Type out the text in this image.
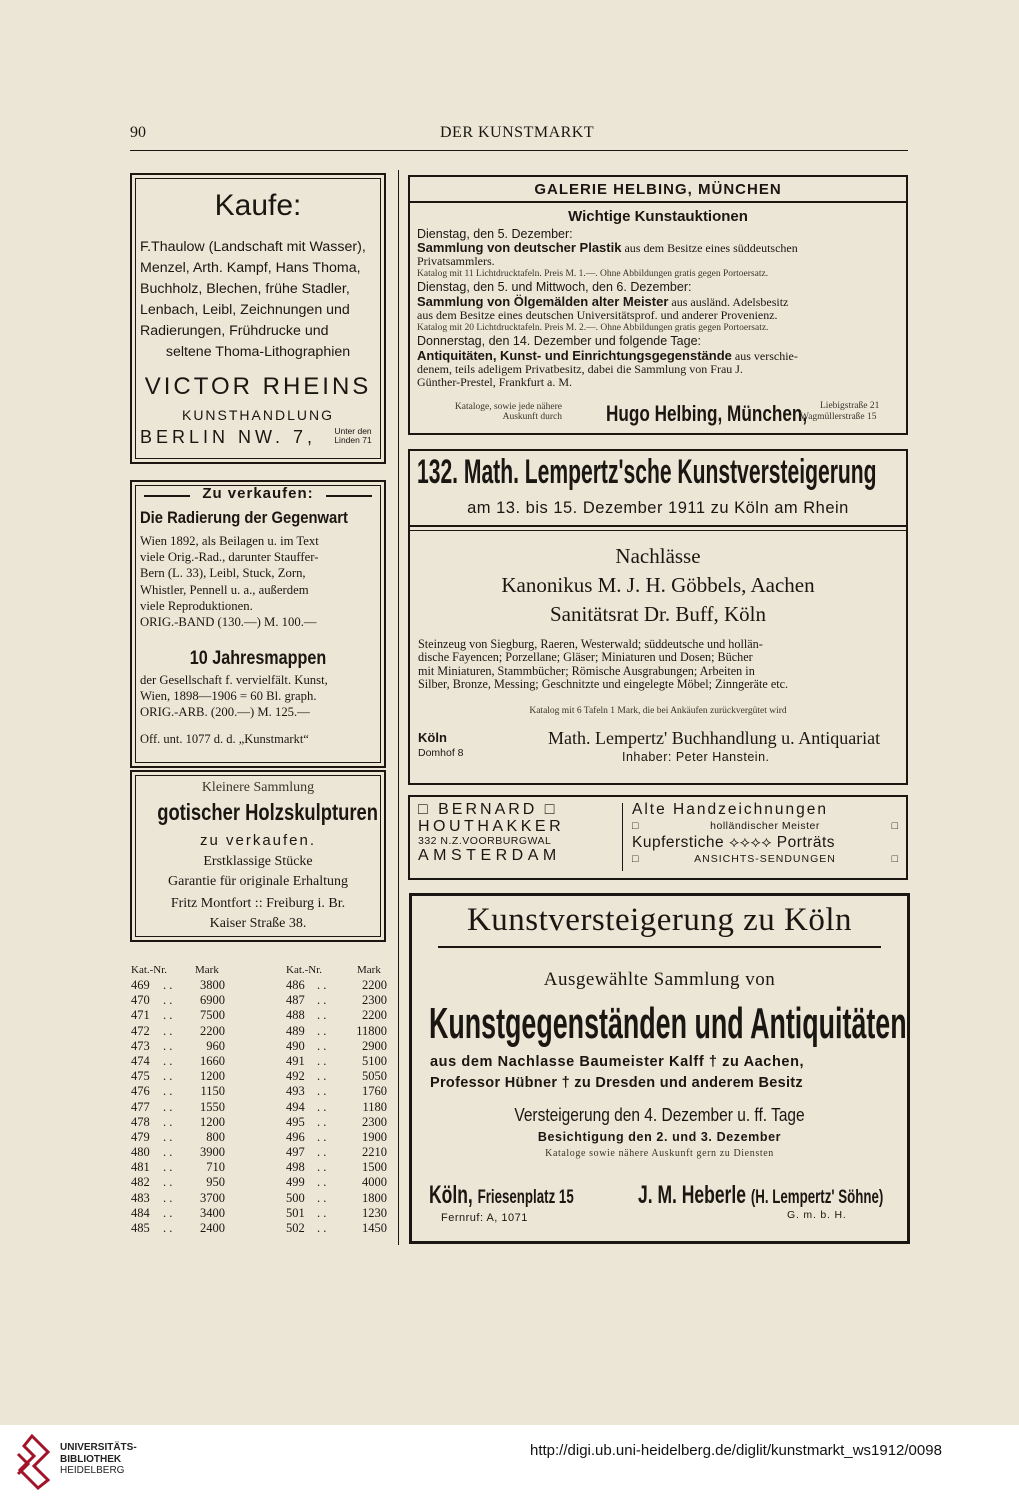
90	DER KUNSTMARKT
Kaufe:
F.Thaulow (Landschaft mit Wasser),
Menzel, Arth. Kampf, Hans Thoma,
Buchholz, Blechen, frühe Stadler,
Lenbach, Leibl, Zeichnungen und
Radierungen, Frühdrucke und
seltene Thoma-Lithographien
VICTOR RHEINS
KUNSTHANDLUNG
BERLIN NW. 7,	Unter den Linden 71
Zu verkaufen:
Die Radierung der Gegenwart
Wien 1892, als Beilagen u. im Text
viele Orig.-Rad., darunter Stauffer-
Bern (L. 33), Leibl, Stuck, Zorn,
Whistler, Pennell u. a., außerdem
viele Reproduktionen.
ORIG.-BAND (130.—) M. 100.—
10 Jahresmappen
der Gesellschaft f. vervielfält. Kunst,
Wien, 1898—1906 = 60 Bl. graph.
ORIG.-ARB. (200.—) M. 125.—
Off. unt. 1077 d. d. „Kunstmarkt“
Kleinere Sammlung
gotischer Holzskulpturen
zu verkaufen.
Erstklassige Stücke
Garantie für originale Erhaltung
Fritz Montfort :: Freiburg i. Br.
Kaiser Straße 38.
Kat.-Nr.	Mark	Kat.-Nr.	Mark
. .	. .
469	3800	486	2200
. .	. .
470	6900	487	2300
. .	. .
471	7500	488	2200
. .	. .
472	2200	489	11800
. .	. .
473	960	490	2900
. .	. .
474	1660	491	5100
. .	. .
475	1200	492	5050
. .	. .
476	1150	493	1760
. .	. .
477	1550	494	1180
. .	. .
478	1200	495	2300
. .	. .
479	800	496	1900
. .	. .
480	3900	497	2210
. .	. .
481	710	498	1500
. .	. .
482	950	499	4000
. .	. .
483	3700	500	1800
. .	. .
484	3400	501	1230
. .	. .
485	2400	502	1450
GALERIE HELBING, MÜNCHEN
Wichtige Kunstauktionen
Dienstag, den 5. Dezember:
Sammlung von deutscher Plastik aus dem Besitze eines süddeutschen
Privatsammlers.
Katalog mit 11 Lichtdrucktafeln. Preis M. 1.—. Ohne Abbildungen gratis gegen Portoersatz.
Dienstag, den 5. und Mittwoch, den 6. Dezember:
Sammlung von Ölgemälden alter Meister aus ausländ. Adelsbesitz
aus dem Besitze eines deutschen Universitätsprof. und anderer Provenienz.
Katalog mit 20 Lichtdrucktafeln. Preis M. 2.—. Ohne Abbildungen gratis gegen Portoersatz.
Donnerstag, den 14. Dezember und folgende Tage:
Antiquitäten, Kunst- und Einrichtungsgegenstände aus verschie-
denem, teils adeligem Privatbesitz, dabei die Sammlung von Frau J.
Günther-Prestel, Frankfurt a. M.
Kataloge, sowie jede nähere
Auskunft durch Hugo Helbing, München,	Liebigstraße 21
Wagmüllerstraße 15
132. Math. Lempertz'sche Kunstversteigerung
am 13. bis 15. Dezember 1911 zu Köln am Rhein
Nachlässe
Kanonikus M. J. H. Göbbels, Aachen
Sanitätsrat Dr. Buff, Köln
Steinzeug von Siegburg, Raeren, Westerwald; süddeutsche und hollän-
dische Fayencen; Porzellane; Gläser; Miniaturen und Dosen; Bücher
mit Miniaturen, Stammbücher; Römische Ausgrabungen; Arbeiten in
Silber, Bronze, Messing; Geschnitzte und eingelegte Möbel; Zinngeräte etc.
Katalog mit 6 Tafeln 1 Mark, die bei Ankäufen zurückvergütet wird
Köln
Domhof 8
Math. Lempertz' Buchhandlung u. Antiquariat
Inhaber: Peter Hanstein.
□ BERNARD □
HOUTHAKKER
332 N.Z.VOORBURGWAL
AMSTERDAM
Alte Handzeichnungen
□	holländischer Meister	□
Kupferstiche ⟡⟡⟡⟡ Porträts
□	ANSICHTS-SENDUNGEN	□
Kunstversteigerung zu Köln
Ausgewählte Sammlung von
Kunstgegenständen und Antiquitäten
aus dem Nachlasse Baumeister Kalff † zu Aachen,
Professor Hübner † zu Dresden und anderem Besitz
Versteigerung den 4. Dezember u. ff. Tage
Besichtigung den 2. und 3. Dezember
Kataloge sowie nähere Auskunft gern zu Diensten
Köln, Friesenplatz 15
Fernruf: A, 1071
J. M. Heberle (H. Lempertz' Söhne)
G. m. b. H.
UNIVERSITÄTS-
BIBLIOTHEK
HEIDELBERG
http://digi.ub.uni-heidelberg.de/diglit/kunstmarkt_ws1912/0098
